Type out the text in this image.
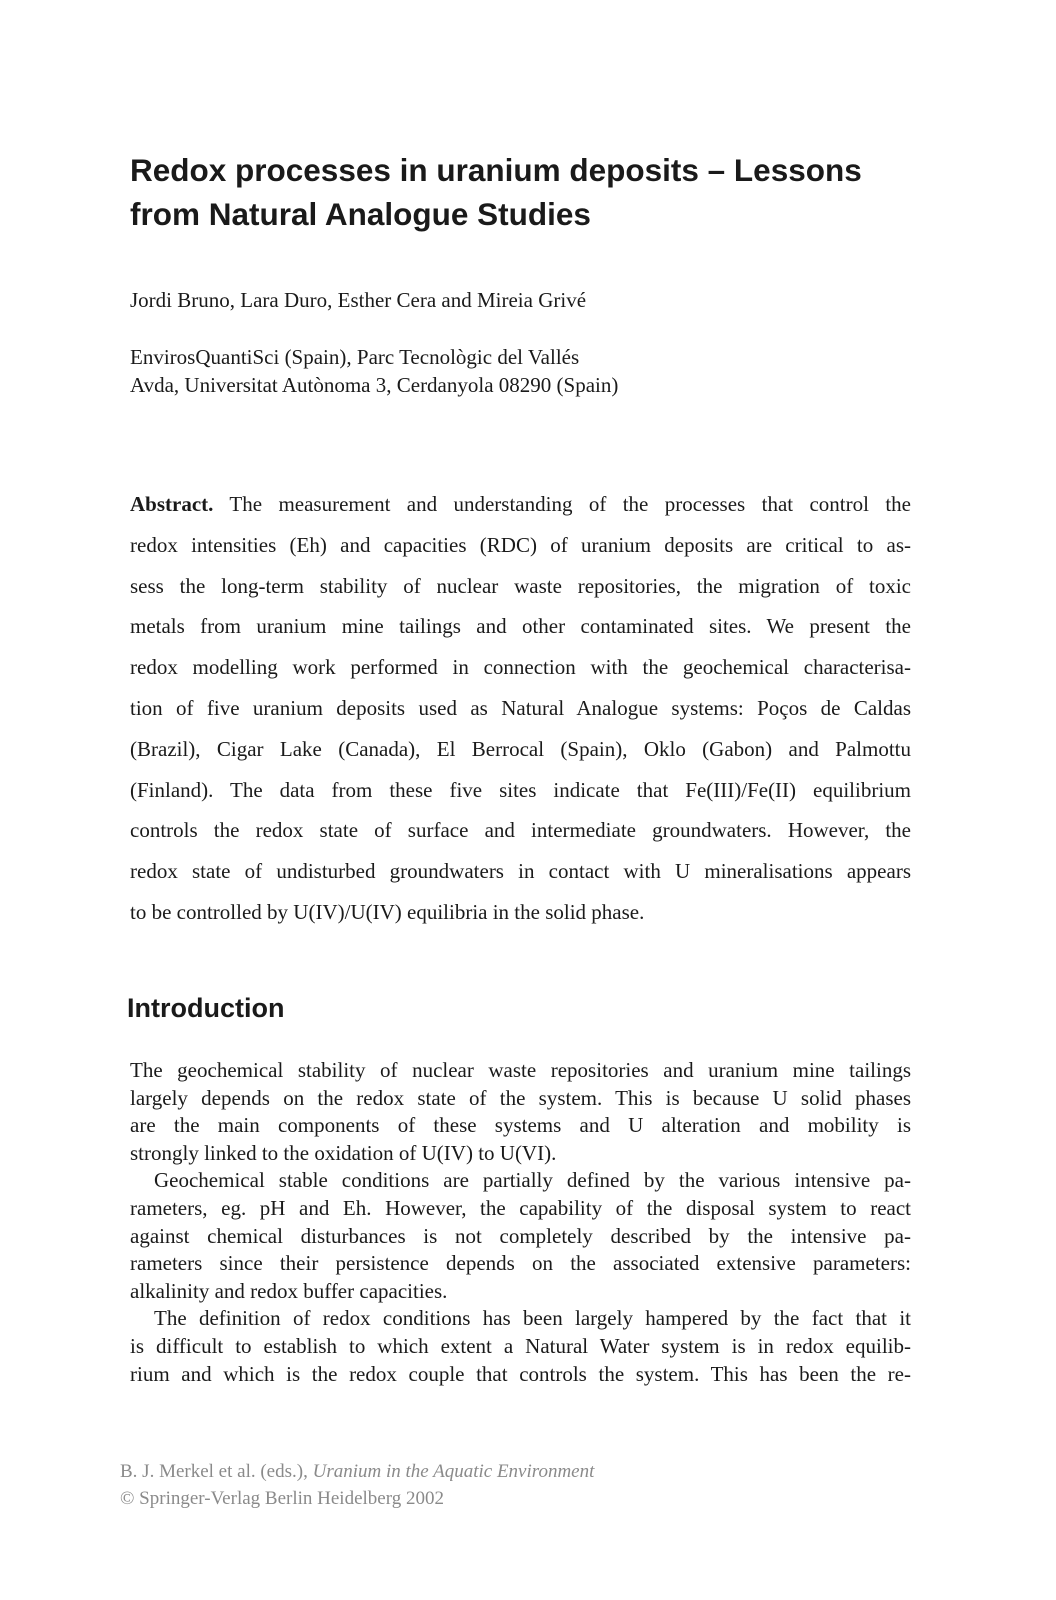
Redox processes in uranium deposits – Lessons
from Natural Analogue Studies
Jordi Bruno, Lara Duro, Esther Cera and Mireia Grivé
EnvirosQuantiSci (Spain), Parc Tecnològic del Vallés
Avda, Universitat Autònoma 3, Cerdanyola 08290 (Spain)

Abstract. The measurement and understanding of the processes that control the
redox intensities (Eh) and capacities (RDC) of uranium deposits are critical to as-
sess the long-term stability of nuclear waste repositories, the migration of toxic
metals from uranium mine tailings and other contaminated sites. We present the
redox modelling work performed in connection with the geochemical characterisa-
tion of five uranium deposits used as Natural Analogue systems: Poços de Caldas
(Brazil), Cigar Lake (Canada), El Berrocal (Spain), Oklo (Gabon) and Palmottu
(Finland). The data from these five sites indicate that Fe(III)/Fe(II) equilibrium
controls the redox state of surface and intermediate groundwaters. However, the
redox state of undisturbed groundwaters in contact with U mineralisations appears
to be controlled by U(IV)/U(IV) equilibria in the solid phase.

Introduction

The geochemical stability of nuclear waste repositories and uranium mine tailings
largely depends on the redox state of the system. This is because U solid phases
are the main components of these systems and U alteration and mobility is
strongly linked to the oxidation of U(IV) to U(VI).
Geochemical stable conditions are partially defined by the various intensive pa-
rameters, eg. pH and Eh. However, the capability of the disposal system to react
against chemical disturbances is not completely described by the intensive pa-
rameters since their persistence depends on the associated extensive parameters:
alkalinity and redox buffer capacities.
The definition of redox conditions has been largely hampered by the fact that it
is difficult to establish to which extent a Natural Water system is in redox equilib-
rium and which is the redox couple that controls the system. This has been the re-

B. J. Merkel et al. (eds.), Uranium in the Aquatic Environment
© Springer-Verlag Berlin Heidelberg 2002
